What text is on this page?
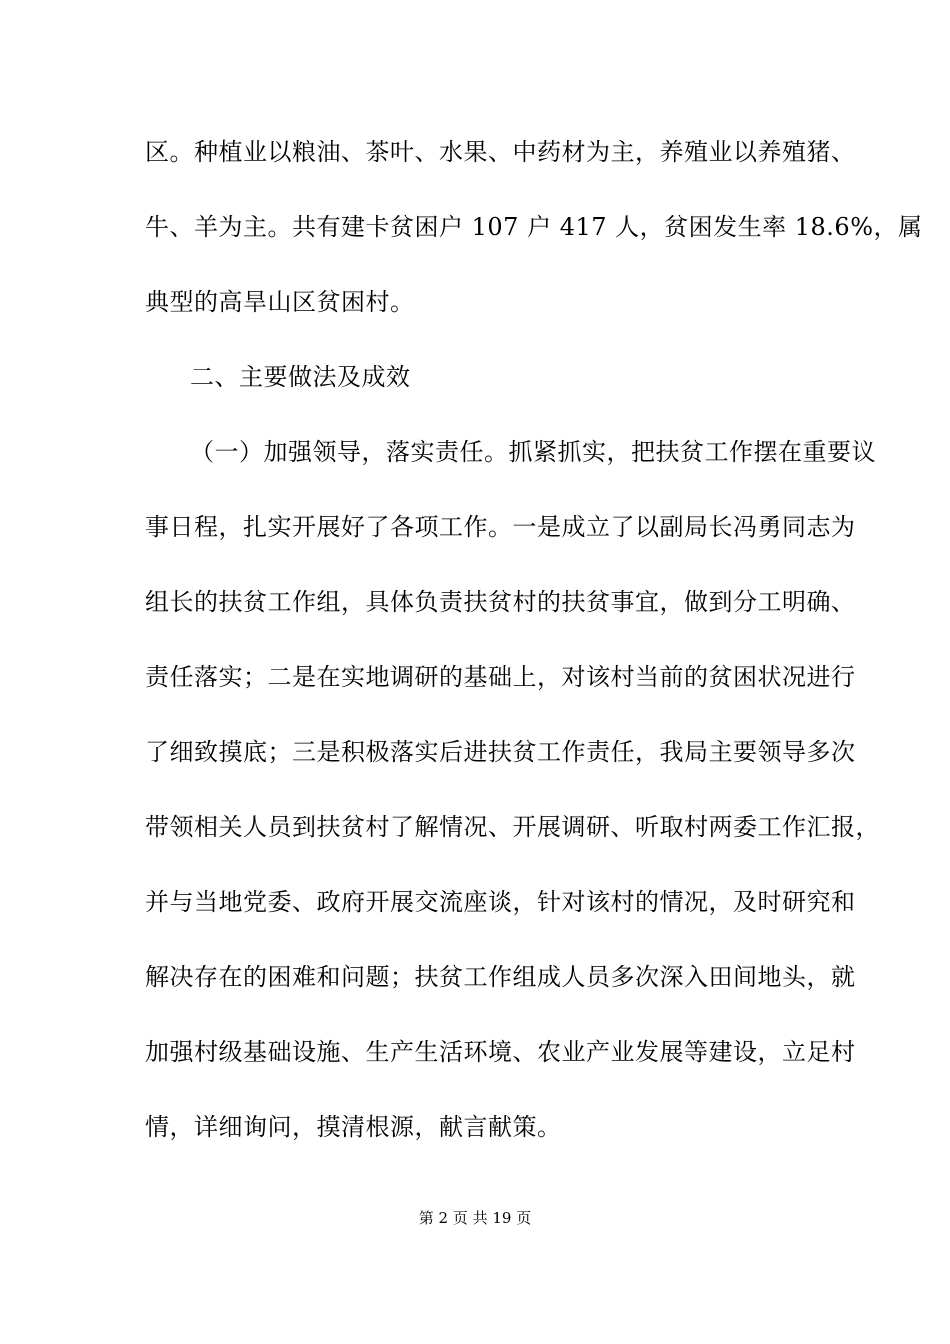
区。种植业以粮油、茶叶、水果、中药材为主，养殖业以养殖猪、
牛、羊为主。共有建卡贫困户 107 户 417 人，贫困发生率 18.6%，属
典型的高旱山区贫困村。
二、主要做法及成效
（一）加强领导，落实责任。抓紧抓实，把扶贫工作摆在重要议
事日程，扎实开展好了各项工作。一是成立了以副局长冯勇同志为
组长的扶贫工作组，具体负责扶贫村的扶贫事宜，做到分工明确、
责任落实；二是在实地调研的基础上，对该村当前的贫困状况进行
了细致摸底；三是积极落实后进扶贫工作责任，我局主要领导多次
带领相关人员到扶贫村了解情况、开展调研、听取村两委工作汇报，
并与当地党委、政府开展交流座谈，针对该村的情况，及时研究和
解决存在的困难和问题；扶贫工作组成人员多次深入田间地头，就
加强村级基础设施、生产生活环境、农业产业发展等建设，立足村
情，详细询问，摸清根源，献言献策。
第 2 页 共 19 页
